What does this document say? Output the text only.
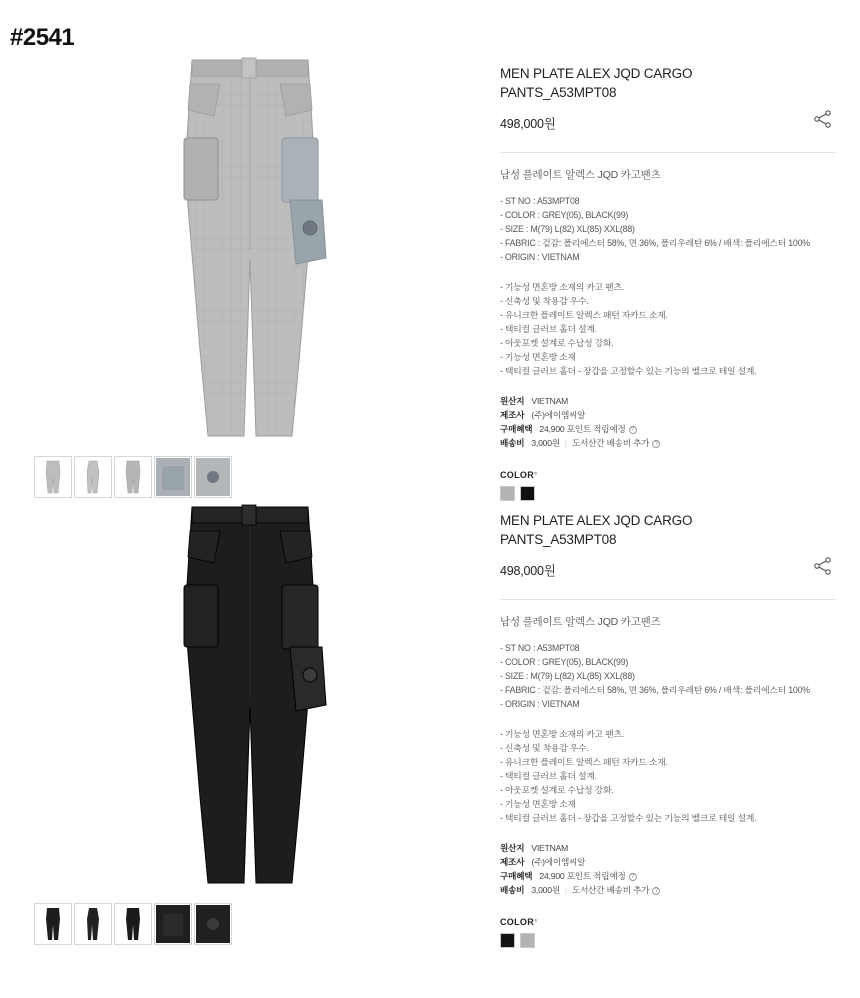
#2541
MEN PLATE ALEX JQD CARGO PANTS_A53MPT08
498,000원
남성 플레이트 알렉스 JQD 카고팬츠
- ST NO : A53MPT08
- COLOR : GREY(05), BLACK(99)
- SIZE : M(79) L(82) XL(85) XXL(88)
- FABRIC : 겉감: 폴리에스터 58%, 면 36%, 폴리우레탄 6% / 배색: 폴리에스터 100%
- ORIGIN : VIETNAM
- 기능성 면혼방 소재의 카고 팬츠.
- 신축성 및 착용감 우수.
- 유니크한 플레이트 알렉스 패턴 자카드 소재.
- 택티컬 글러브 홀더 설계.
- 아웃포켓 설계로 수납성 강화.
- 기능성 면혼방 소재
- 택티컬 글러브 홀더 - 장갑을 고정할수 있는 기능의 벨크로 테일 설계.
원산지 VIETNAM
제조사 (주)에이엠씨알
구매혜택 24,900 포인트 적립예정 ?
배송비 3,000원 | 도서산간 배송비 추가 ?
COLOR*
MEN PLATE ALEX JQD CARGO PANTS_A53MPT08
498,000원
남성 플레이트 알렉스 JQD 카고팬즈
- ST NO : A53MPT08
- COLOR : GREY(05), BLACK(99)
- SIZE : M(79) L(82) XL(85) XXL(88)
- FABRIC : 겉감: 폴리에스터 58%, 면 36%, 폴리우레탄 6% / 배색: 폴리에스터 100%
- ORIGIN : VIETNAM
- 기능성 면혼방 소재의 카고 팬츠.
- 신축성 및 착용감 우수.
- 유니크한 플레이트 알렉스 패턴 자카드 소재.
- 택티컬 글러브 홀더 설계.
- 아웃포켓 설계로 수납성 강화.
- 기능성 면혼방 소재
- 택티컬 글러브 홀더 - 장갑을 고정할수 있는 기능의 벨크로 테일 설계.
원산지 VIETNAM
제조사 (주)에이엠씨알
구매혜택 24,900 포인트 적립예정 ?
배송비 3,000원 | 도서산간 배송비 추가 ?
COLOR*
